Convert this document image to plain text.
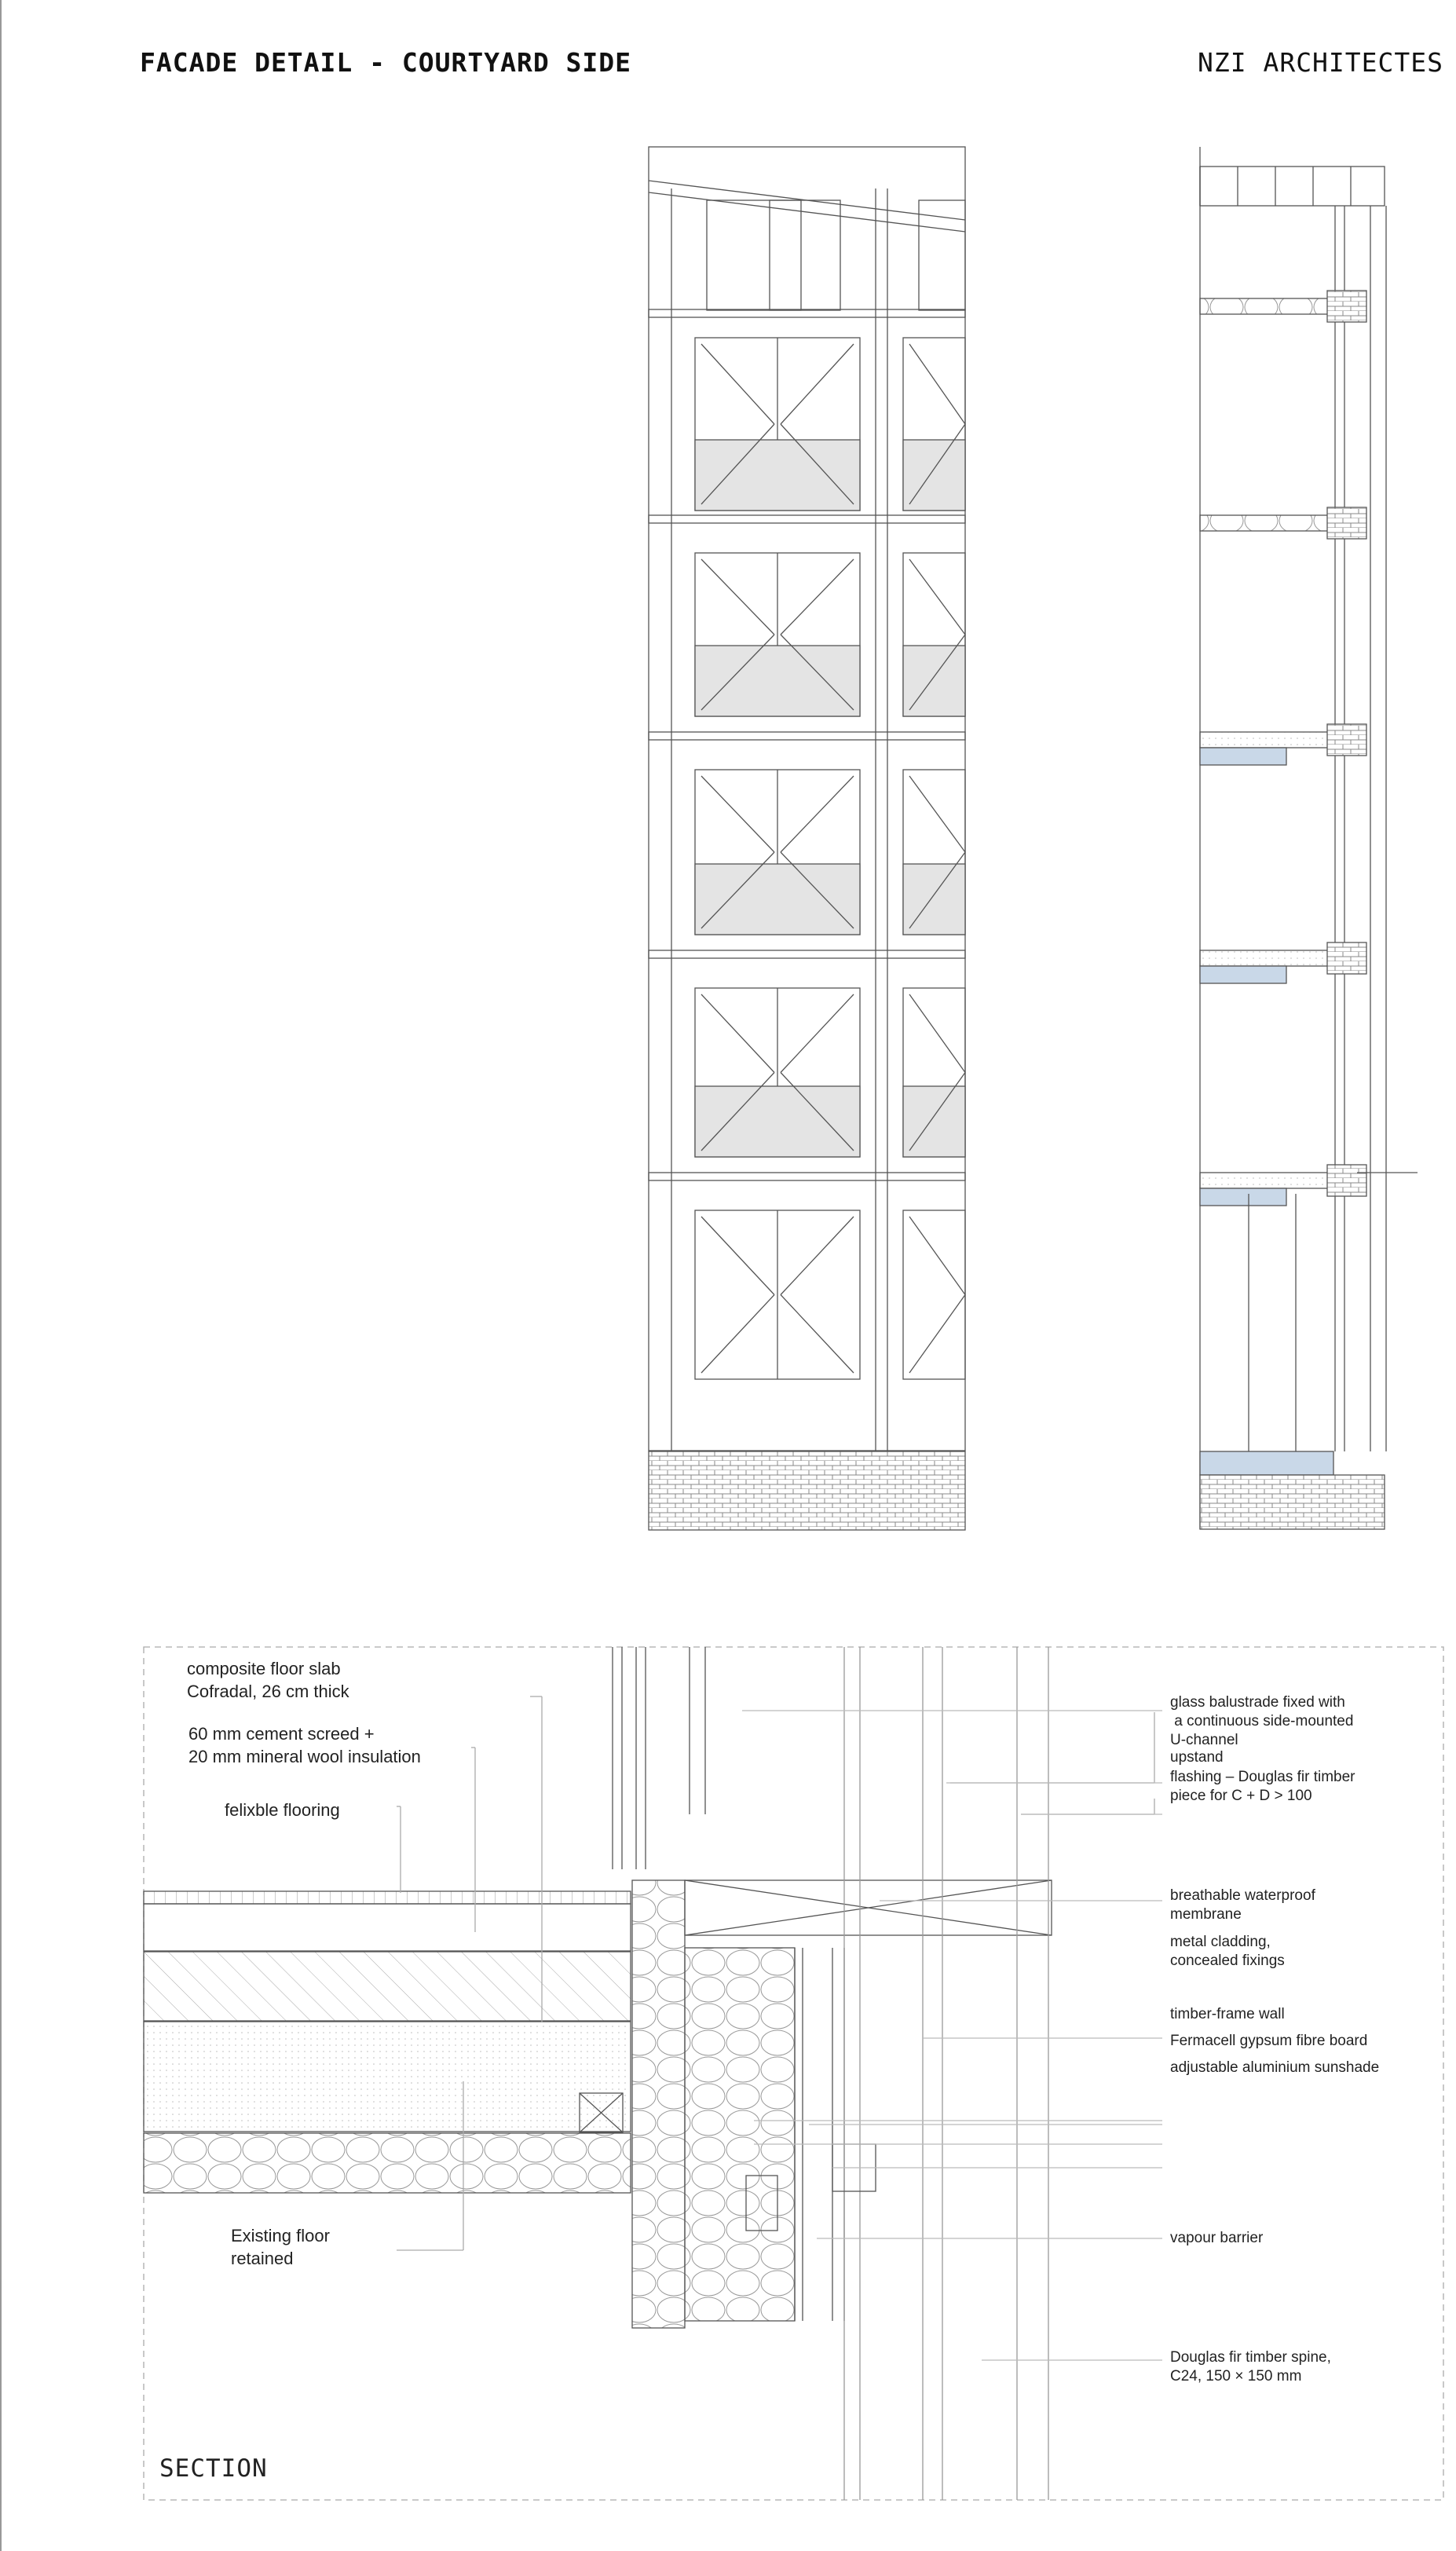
FACADE DETAIL - COURTYARD SIDE	NZI ARCHITECTES
composite floor slab
Cofradal, 26 cm thick
60 mm cement screed +
20 mm mineral wool insulation
felixble flooring
Existing floor
retained
glass balustrade fixed with
a continuous side-mounted
U-channel
upstand
flashing – Douglas fir timber
piece for C + D > 100
breathable waterproof
membrane
metal cladding,
concealed fixings
timber-frame wall
Fermacell gypsum fibre board
adjustable aluminium sunshade
vapour barrier
Douglas fir timber spine,
C24, 150 × 150 mm
SECTION
